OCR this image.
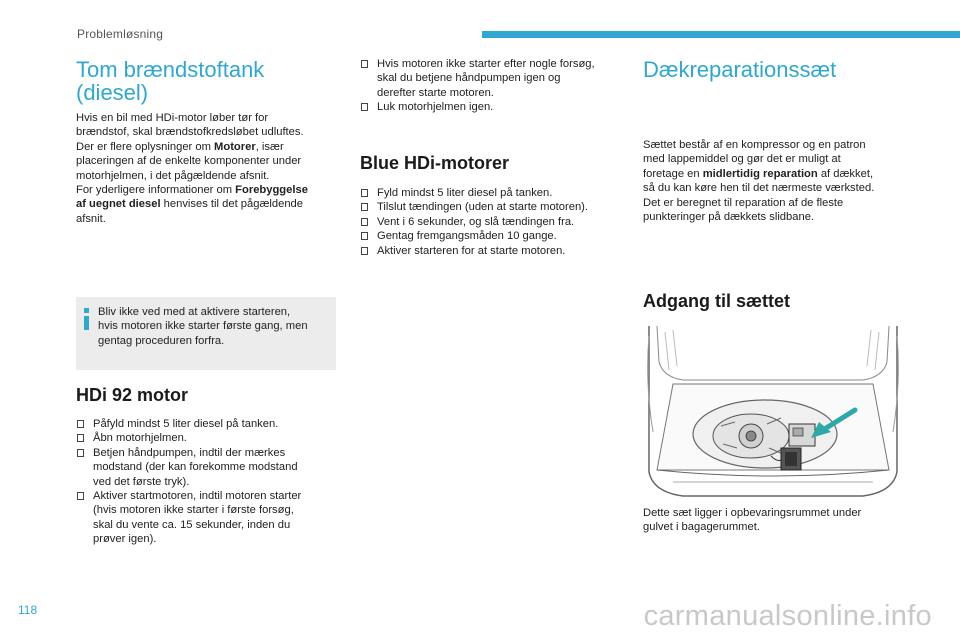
Problemløsning
Tom brændstoftank
(diesel)
Hvis en bil med HDi-motor løber tør for
brændstof, skal brændstofkredsløbet udluftes.
Der er flere oplysninger om Motorer, især
placeringen af de enkelte komponenter under
motorhjelmen, i det pågældende afsnit.
For yderligere informationer om Forebyggelse
af uegnet diesel henvises til det pågældende
afsnit.
Bliv ikke ved med at aktivere starteren,
hvis motoren ikke starter første gang, men
gentag proceduren forfra.
HDi 92 motor
Påfyld mindst 5 liter diesel på tanken.
Åbn motorhjelmen.
Betjen håndpumpen, indtil der mærkes
modstand (der kan forekomme modstand
ved det første tryk).
Aktiver startmotoren, indtil motoren starter
(hvis motoren ikke starter i første forsøg,
skal du vente ca. 15 sekunder, inden du
prøver igen).
Hvis motoren ikke starter efter nogle forsøg,
skal du betjene håndpumpen igen og
derefter starte motoren.
Luk motorhjelmen igen.
Blue HDi-motorer
Fyld mindst 5 liter diesel på tanken.
Tilslut tændingen (uden at starte motoren).
Vent i 6 sekunder, og slå tændingen fra.
Gentag fremgangsmåden 10 gange.
Aktiver starteren for at starte motoren.
Dækreparationssæt
Sættet består af en kompressor og en patron
med lappemiddel og gør det er muligt at
foretage en midlertidig reparation af dækket,
så du kan køre hen til det nærmeste værksted.
Det er beregnet til reparation af de fleste
punkteringer på dækkets slidbane.
Adgang til sættet
Dette sæt ligger i opbevaringsrummet under
gulvet i bagagerummet.
118	carmanualsonline.info
